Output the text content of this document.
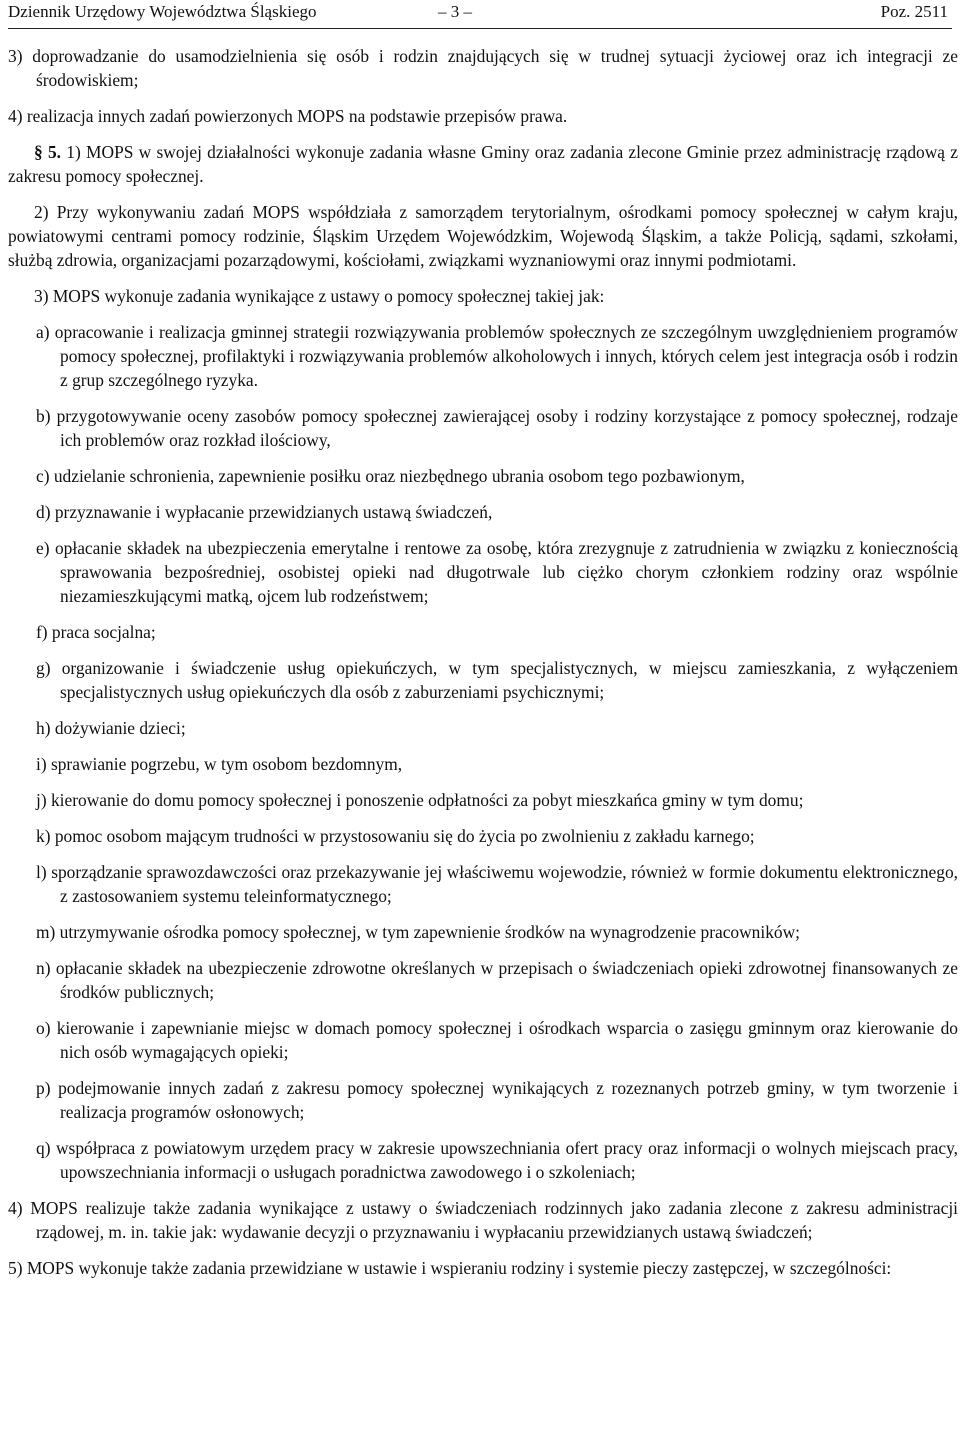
Dziennik Urzędowy Województwa Śląskiego	– 3 –	Poz. 2511

3) doprowadzanie do usamodzielnienia się osób i rodzin znajdujących się w trudnej sytuacji życiowej oraz ich integracji ze środowiskiem;

4) realizacja innych zadań powierzonych MOPS na podstawie przepisów prawa.

§ 5. 1) MOPS w swojej działalności wykonuje zadania własne Gminy oraz zadania zlecone Gminie przez administrację rządową z zakresu pomocy społecznej.

2) Przy wykonywaniu zadań MOPS współdziała z samorządem terytorialnym, ośrodkami pomocy społecznej w całym kraju, powiatowymi centrami pomocy rodzinie, Śląskim Urzędem Wojewódzkim, Wojewodą Śląskim, a także Policją, sądami, szkołami, służbą zdrowia, organizacjami pozarządowymi, kościołami, związkami wyznaniowymi oraz innymi podmiotami.

3) MOPS wykonuje zadania wynikające z ustawy o pomocy społecznej takiej jak:

a) opracowanie i realizacja gminnej strategii rozwiązywania problemów społecznych ze szczególnym uwzględnieniem programów pomocy społecznej, profilaktyki i rozwiązywania problemów alkoholowych i innych, których celem jest integracja osób i rodzin z grup szczególnego ryzyka.

b) przygotowywanie oceny zasobów pomocy społecznej zawierającej osoby i rodziny korzystające z pomocy społecznej, rodzaje ich problemów oraz rozkład ilościowy,

c) udzielanie schronienia, zapewnienie posiłku oraz niezbędnego ubrania osobom tego pozbawionym,

d) przyznawanie i wypłacanie przewidzianych ustawą świadczeń,

e) opłacanie składek na ubezpieczenia emerytalne i rentowe za osobę, która zrezygnuje z zatrudnienia w związku z koniecznością sprawowania bezpośredniej, osobistej opieki nad długotrwale lub ciężko chorym członkiem rodziny oraz wspólnie niezamieszkującymi matką, ojcem lub rodzeństwem;

f) praca socjalna;

g) organizowanie i świadczenie usług opiekuńczych, w tym specjalistycznych, w miejscu zamieszkania, z wyłączeniem specjalistycznych usług opiekuńczych dla osób z zaburzeniami psychicznymi;

h) dożywianie dzieci;

i) sprawianie pogrzebu, w tym osobom bezdomnym,

j) kierowanie do domu pomocy społecznej i ponoszenie odpłatności za pobyt mieszkańca gminy w tym domu;

k) pomoc osobom mającym trudności w przystosowaniu się do życia po zwolnieniu z zakładu karnego;

l) sporządzanie sprawozdawczości oraz przekazywanie jej właściwemu wojewodzie, również w formie dokumentu elektronicznego, z zastosowaniem systemu teleinformatycznego;

m) utrzymywanie ośrodka pomocy społecznej, w tym zapewnienie środków na wynagrodzenie pracowników;

n) opłacanie składek na ubezpieczenie zdrowotne określanych w przepisach o świadczeniach opieki zdrowotnej finansowanych ze środków publicznych;

o) kierowanie i zapewnianie miejsc w domach pomocy społecznej i ośrodkach wsparcia o zasięgu gminnym oraz kierowanie do nich osób wymagających opieki;

p) podejmowanie innych zadań z zakresu pomocy społecznej wynikających z rozeznanych potrzeb gminy, w tym tworzenie i realizacja programów osłonowych;

q) współpraca z powiatowym urzędem pracy w zakresie upowszechniania ofert pracy oraz informacji o wolnych miejscach pracy, upowszechniania informacji o usługach poradnictwa zawodowego i o szkoleniach;

4) MOPS realizuje także zadania wynikające z ustawy o świadczeniach rodzinnych jako zadania zlecone z zakresu administracji rządowej, m. in. takie jak: wydawanie decyzji o przyznawaniu i wypłacaniu przewidzianych ustawą świadczeń;

5) MOPS wykonuje także zadania przewidziane w ustawie i wspieraniu rodziny i systemie pieczy zastępczej, w szczególności:
